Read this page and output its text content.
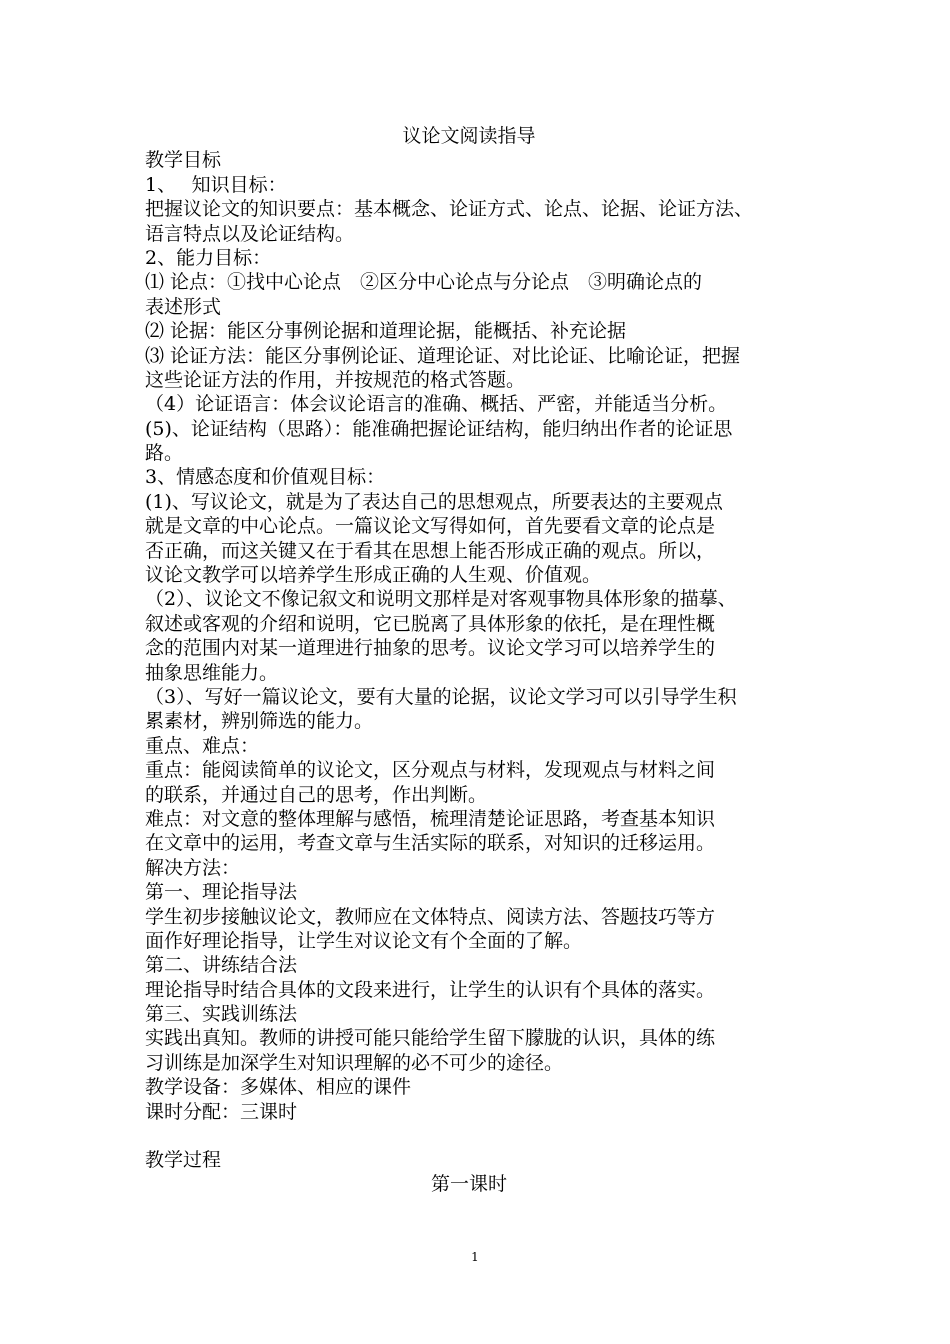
议论文阅读指导
教学目标
1、　 知识目标：
把握议论文的知识要点：基本概念、论证方式、论点、论据、论证方法、
语言特点以及论证结构。
2、能力目标：
⑴ 论点：①找中心论点　②区分中心论点与分论点　③明确论点的
表述形式
⑵ 论据：能区分事例论据和道理论据，能概括、补充论据
⑶ 论证方法：能区分事例论证、道理论证、对比论证、比喻论证，把握
这些论证方法的作用，并按规范的格式答题。
（4）论证语言：体会议论语言的准确、概括、严密，并能适当分析。
(5)、论证结构（思路）：能准确把握论证结构，能归纳出作者的论证思
路。
3、情感态度和价值观目标：
(1)、写议论文，就是为了表达自己的思想观点，所要表达的主要观点
就是文章的中心论点。一篇议论文写得如何，首先要看文章的论点是
否正确，而这关键又在于看其在思想上能否形成正确的观点。所以，
议论文教学可以培养学生形成正确的人生观、价值观。
（2）、议论文不像记叙文和说明文那样是对客观事物具体形象的描摹、
叙述或客观的介绍和说明，它已脱离了具体形象的依托，是在理性概
念的范围内对某一道理进行抽象的思考。议论文学习可以培养学生的
抽象思维能力。
（3）、写好一篇议论文，要有大量的论据，议论文学习可以引导学生积
累素材，辨别筛选的能力。
重点、难点：
重点：能阅读简单的议论文，区分观点与材料，发现观点与材料之间
的联系，并通过自己的思考，作出判断。
难点：对文意的整体理解与感悟，梳理清楚论证思路，考查基本知识
在文章中的运用，考查文章与生活实际的联系，对知识的迁移运用。
解决方法：
第一、理论指导法
学生初步接触议论文，教师应在文体特点、阅读方法、答题技巧等方
面作好理论指导，让学生对议论文有个全面的了解。
第二、讲练结合法
理论指导时结合具体的文段来进行，让学生的认识有个具体的落实。
第三、实践训练法
实践出真知。教师的讲授可能只能给学生留下朦胧的认识，具体的练
习训练是加深学生对知识理解的必不可少的途径。
教学设备：多媒体、相应的课件
课时分配：三课时
教学过程
第一课时
1
